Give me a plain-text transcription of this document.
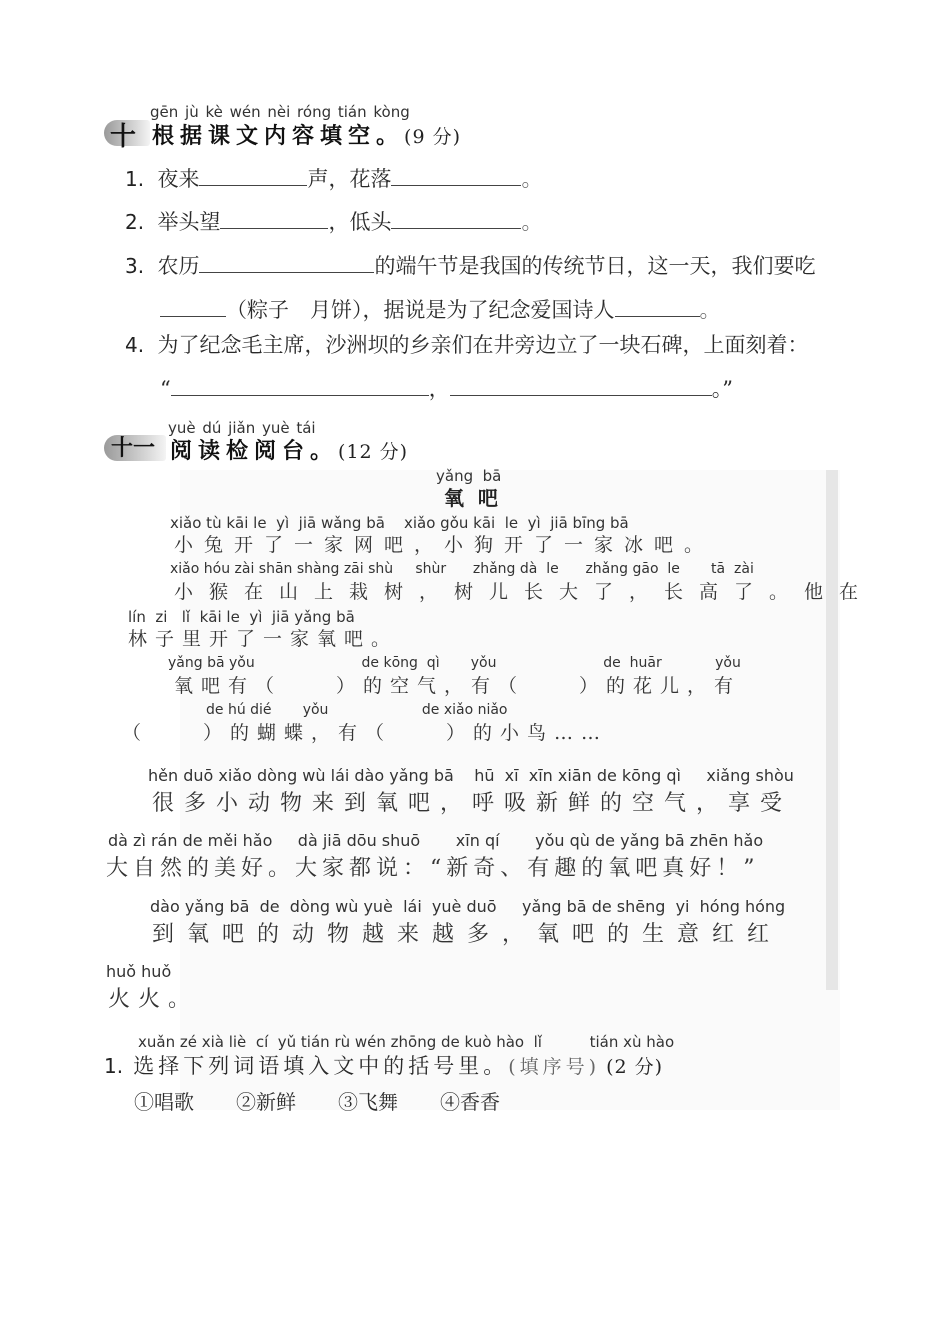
gēn jù kè wén nèi róng tián kòng
十 根据课文内容填空。(9 分)
1. 夜来	声，花落	。
2. 举头望	，低头	。
3. 农历	的端午节是我国的传统节日，这一天，我们要吃
（粽子　月饼），据说是为了纪念爱国诗人	。
4. 为了纪念毛主席，沙洲坝的乡亲们在井旁边立了一块石碑，上面刻着：
“	，	。”
yuè dú jiǎn yuè tái
十一 阅读检阅台。(12 分)
yǎng  bā
氧  吧
xiǎo tù kāi le  yì  jiā wǎng bā    xiǎo gǒu kāi  le  yì  jiā bīng bā
小兔开了一家网吧，小狗开了一家冰吧。
xiǎo hóu zài shān shàng zāi shù     shùr      zhǎng dà  le      zhǎng gāo  le       tā  zài
小猴在山上栽树，树儿长大了，长高了。他在
lín  zi   lǐ  kāi le  yì  jiā yǎng bā
林子里开了一家氧吧。
yǎng bā yǒu                        de kōng  qì       yǒu                        de  huār            yǒu
氧吧有（　　）的空气，有（　　）的花儿，有
de hú dié       yǒu                     de xiǎo niǎo
（　　）的蝴蝶，有（　　）的小鸟……
hěn duō xiǎo dòng wù lái dào yǎng bā    hū  xī  xīn xiān de kōng qì     xiǎng shòu
很多小动物来到氧吧，呼吸新鲜的空气，享受
dà zì rán de měi hǎo     dà jiā dōu shuō       xīn qí       yǒu qù de yǎng bā zhēn hǎo
大自然的美好。大家都说：“新奇、有趣的氧吧真好！”
dào yǎng bā  de  dòng wù yuè  lái  yuè duō     yǎng bā de shēng  yi  hóng hóng
到氧吧的动物越来越多，氧吧的生意红红
huǒ huǒ
火火。
xuǎn zé xià liè  cí  yǔ tián rù wén zhōng de kuò hào  lǐ          tián xù hào
1. 选择下列词语填入文中的括号里。(填序号) (2 分)
①唱歌 ②新鲜 ③飞舞 ④香香
